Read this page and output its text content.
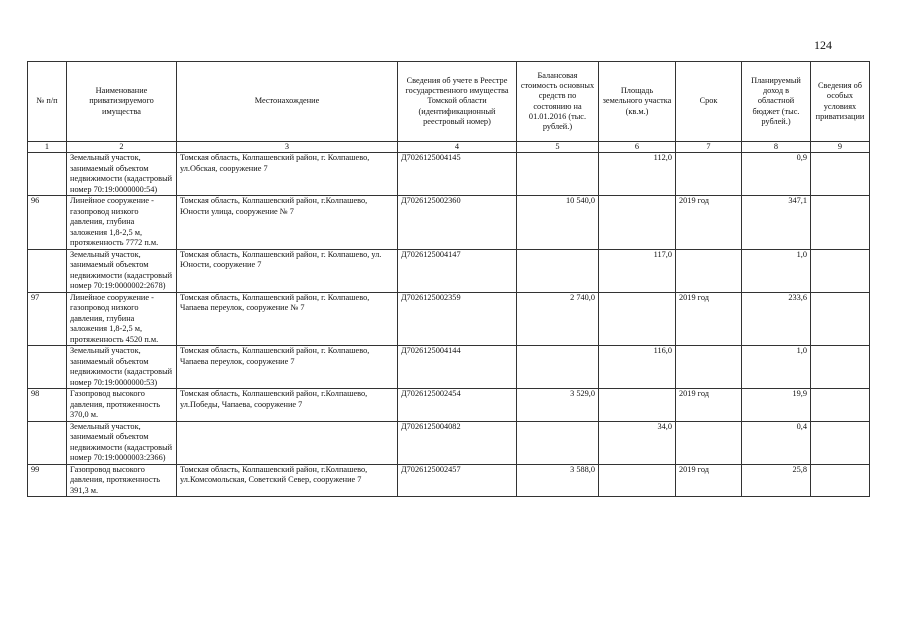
124
№ п/п	Наименование приватизируемого имущества	Местонахождение	Сведения об учете в Реестре государственного имущества Томской области (идентификационный реестровый номер)	Балансовая стоимость основных средств по состоянию на 01.01.2016 (тыс. рублей.)	Площадь земельного участка (кв.м.)	Срок	Планируемый доход в областной бюджет (тыс. рублей.)	Сведения об особых условиях приватизации
1	2	3	4	5	6	7	8	9
	Земельный участок, занимаемый объектом недвижимости (кадастровый номер 70:19:0000000:54)	Томская область, Колпашевский район, г. Колпашево, ул.Обская, сооружение 7	Д7026125004145		112,0		0,9	
96	Линейное сооружение - газопровод низкого давления, глубина заложения 1,8-2,5 м, протяженность 7772 п.м.	Томская область, Колпашевский район, г.Колпашево, Юности улица, сооружение № 7	Д7026125002360	10 540,0		2019 год	347,1	
	Земельный участок, занимаемый объектом недвижимости (кадастровый номер 70:19:0000002:2678)	Томская область, Колпашевский район, г. Колпашево, ул. Юности, сооружение 7	Д7026125004147		117,0		1,0	
97	Линейное сооружение - газопровод низкого давления, глубина заложения 1,8-2,5 м, протяженность 4520 п.м.	Томская область, Колпашевский район, г. Колпашево, Чапаева переулок, сооружение № 7	Д7026125002359	2 740,0		2019 год	233,6	
	Земельный участок, занимаемый объектом недвижимости (кадастровый номер 70:19:0000000:53)	Томская область, Колпашевский район, г. Колпашево, Чапаева переулок, сооружение 7	Д7026125004144		116,0		1,0	
98	Газопровод высокого давления, протяженность 370,0 м.	Томская область, Колпашевский район, г.Колпашево, ул.Победы, Чапаева, сооружение 7	Д7026125002454	3 529,0		2019 год	19,9	
	Земельный участок, занимаемый объектом недвижимости (кадастровый номер 70:19:0000003:2366)		Д7026125004082		34,0		0,4	
99	Газопровод высокого давления, протяженность 391,3 м.	Томская область, Колпашевский район, г.Колпашево, ул.Комсомольская, Советский Север, сооружение 7	Д7026125002457	3 588,0		2019 год	25,8	
